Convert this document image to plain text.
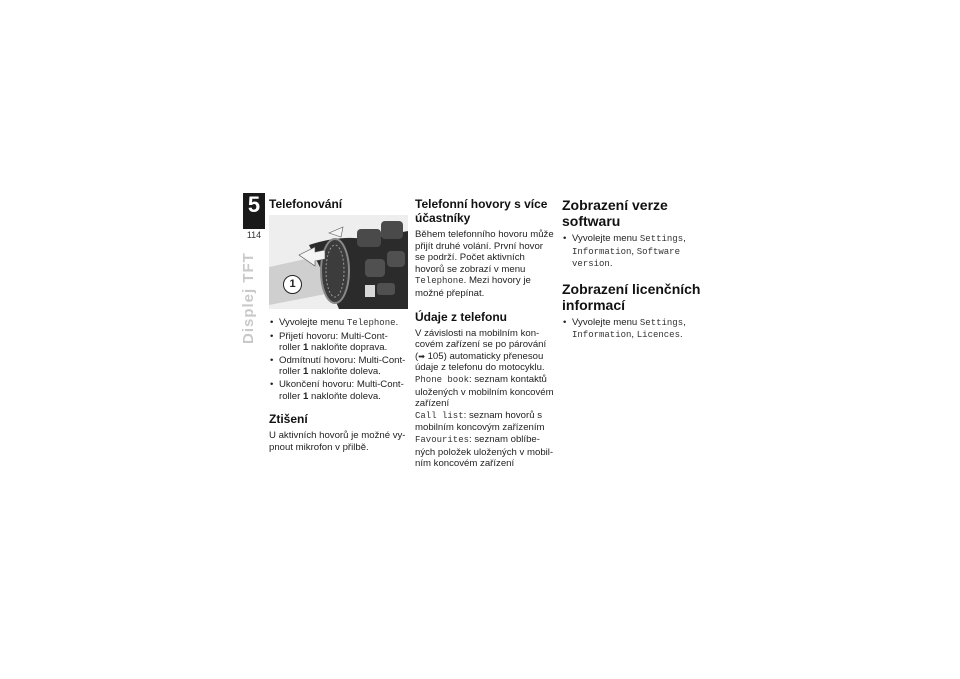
5
114
Displej TFT
Telefonování
1
• Vyvolejte menu Telephone.
• Přijetí hovoru: Multi-Cont-roller 1 nakloňte doprava.
• Odmítnutí hovoru: Multi-Cont-roller 1 nakloňte doleva.
• Ukončení hovoru: Multi-Cont-roller 1 nakloňte doleva.
Ztišení

U aktivních hovorů je možné vy-pnout mikrofon v přilbě.

Telefonní hovory s více účastníky

Během telefonního hovoru může přijít druhé volání. První hovor se podrží. Počet aktivních hovorů se zobrazí v menu Telephone. Mezi hovory je možné přepínat.

Údaje z telefonu

V závislosti na mobilním kon-covém zařízení se po párování (➡ 105) automaticky přenesou údaje z telefonu do motocyklu.

Phone book: seznam kontaktů uložených v mobilním koncovém zařízení

Call list: seznam hovorů s mobilním koncovým zařízením

Favourites: seznam oblíbe-ných položek uložených v mobil-ním koncovém zařízení

Zobrazení verze softwaru
• Vyvolejte menu Settings, Information, Software version.
Zobrazení licenčních informací
• Vyvolejte menu Settings, Information, Licences.
